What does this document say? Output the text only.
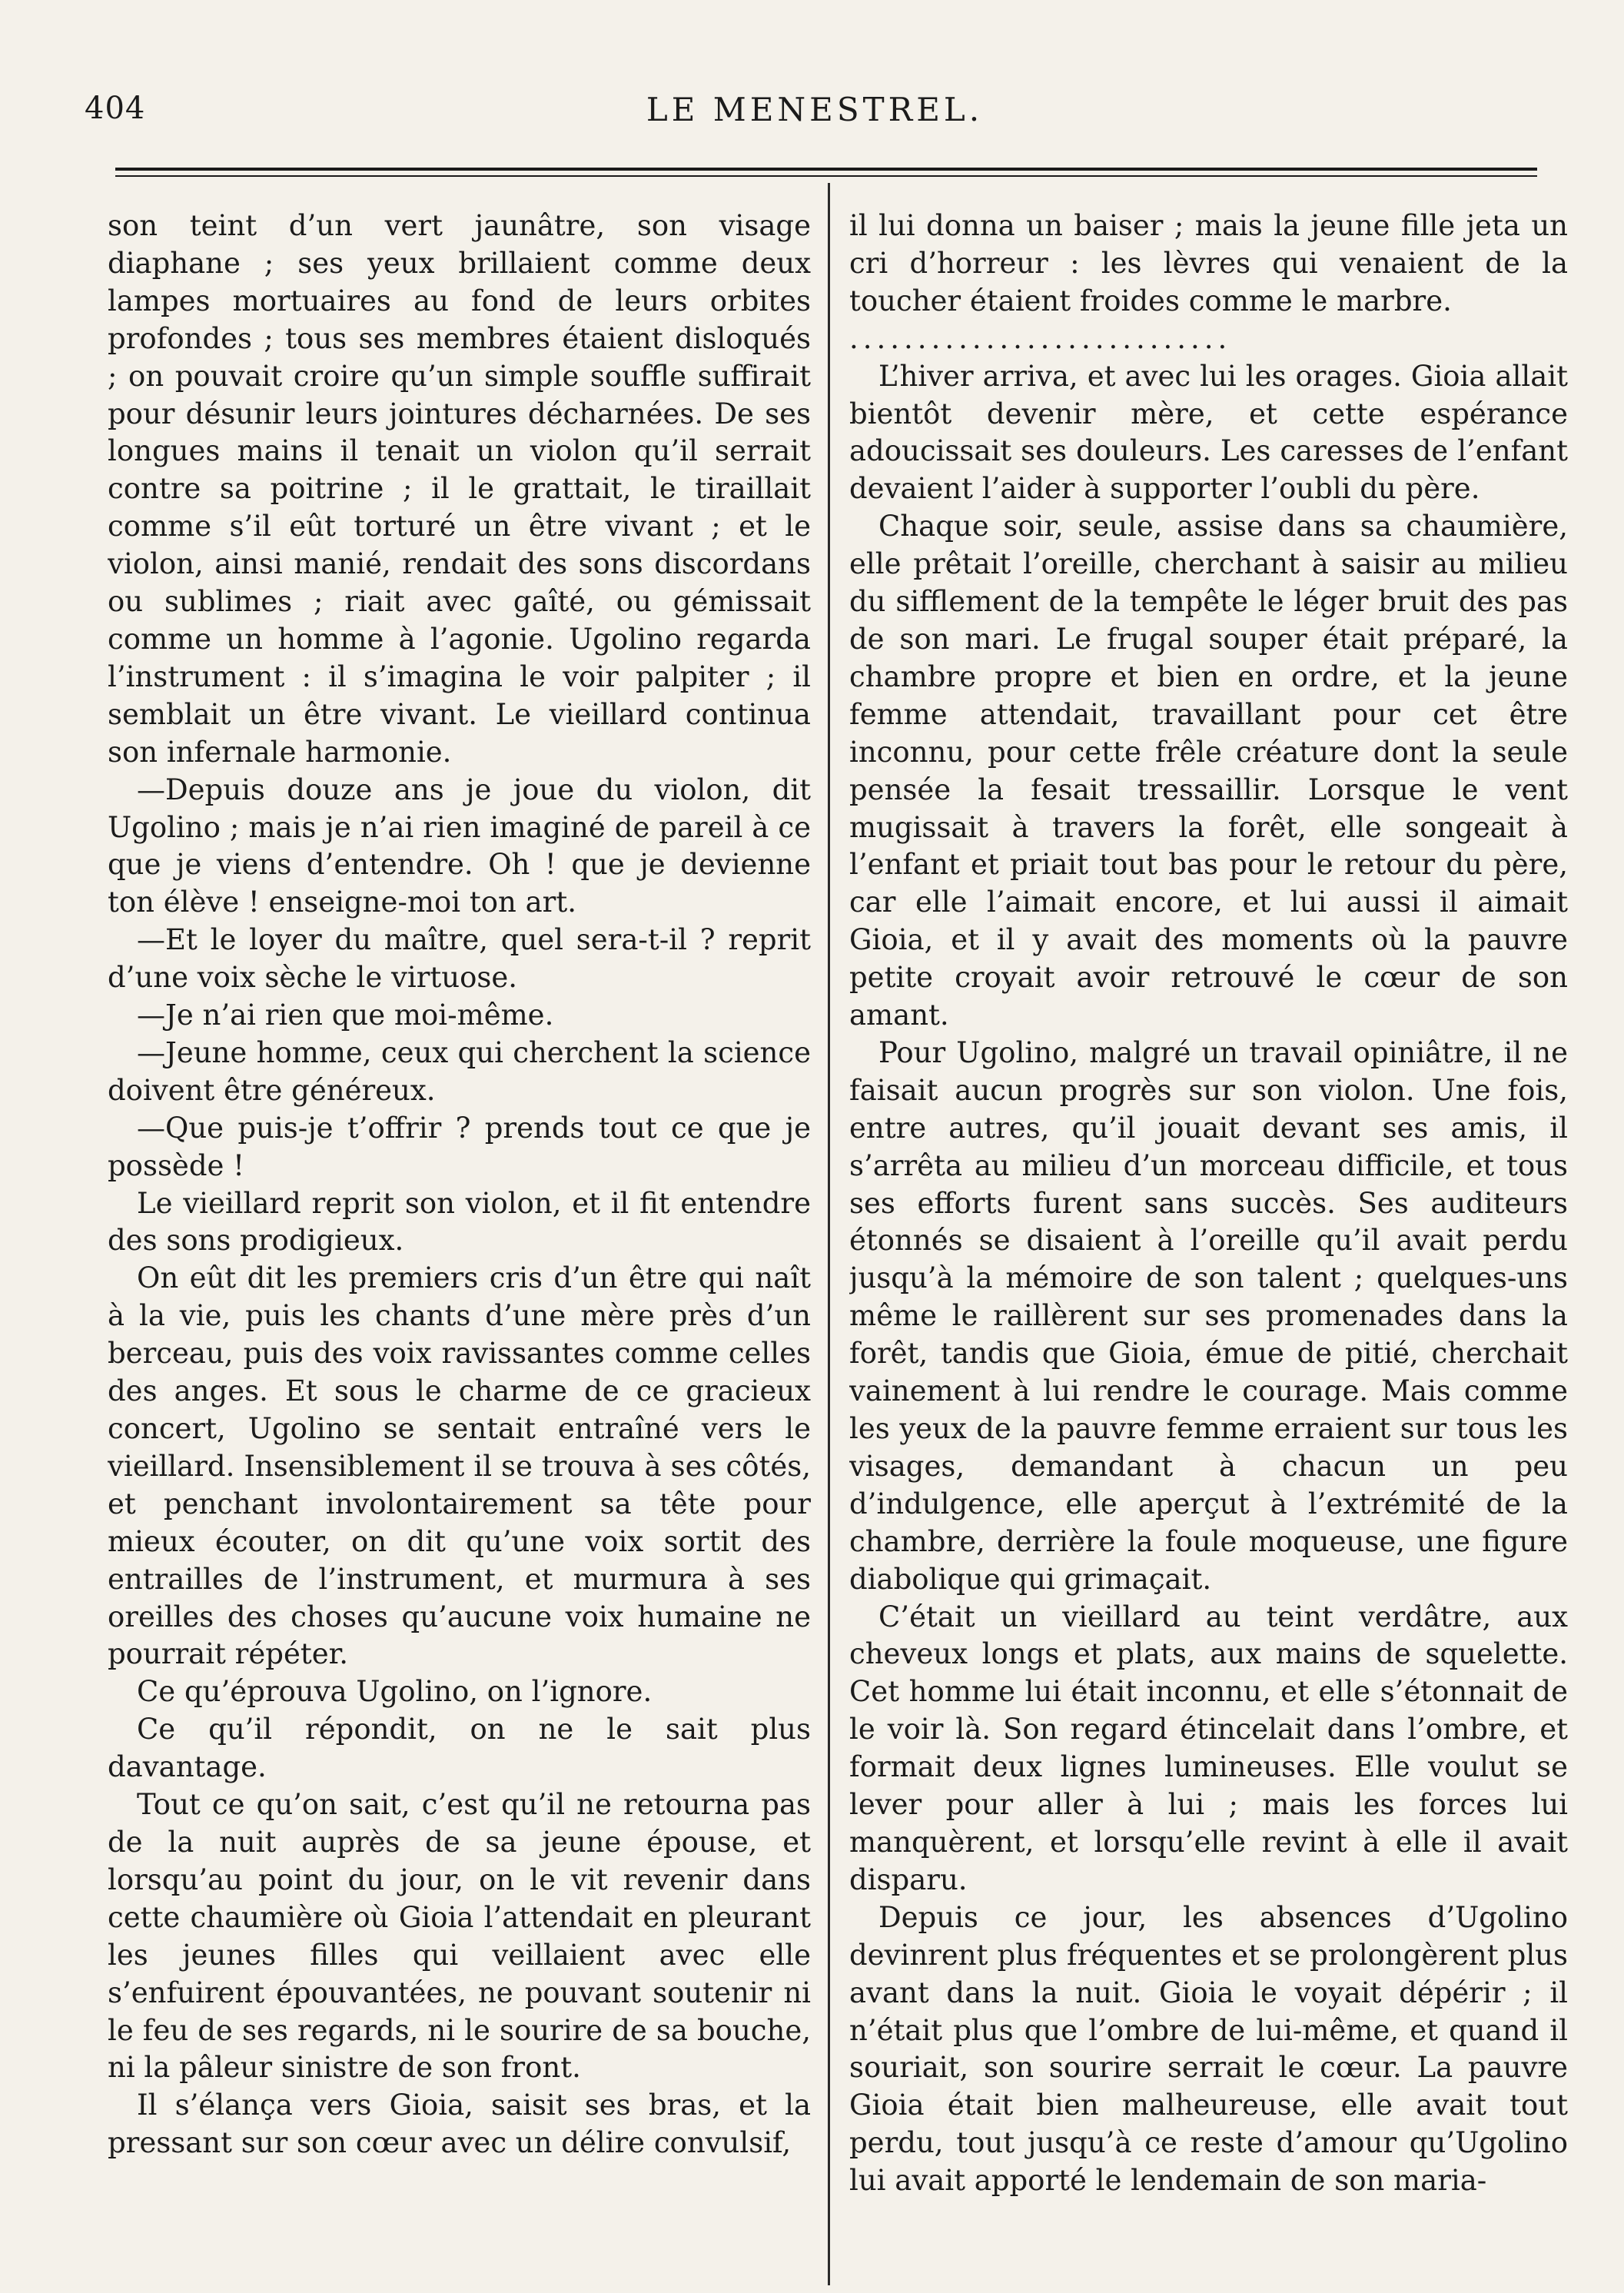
404	LE MENESTREL.

son teint d’un vert jaunâtre, son visage diaphane ; ses yeux brillaient comme deux lampes mortuaires au fond de leurs orbites profondes ; tous ses membres étaient disloqués ; on pouvait croire qu’un simple souffle suffirait pour désunir leurs jointures décharnées. De ses longues mains il tenait un violon qu’il serrait contre sa poitrine ; il le grattait, le tiraillait comme s’il eût torturé un être vivant ; et le violon, ainsi manié, rendait des sons discordans ou sublimes ; riait avec gaîté, ou gémissait comme un homme à l’agonie. Ugolino regarda l’instrument : il s’imagina le voir palpiter ; il semblait un être vivant. Le vieillard continua son infernale harmonie.

—Depuis douze ans je joue du violon, dit Ugolino ; mais je n’ai rien imaginé de pareil à ce que je viens d’entendre. Oh ! que je devienne ton élève ! enseigne-moi ton art.

—Et le loyer du maître, quel sera-t-il ? reprit d’une voix sèche le virtuose.

—Je n’ai rien que moi-même.

—Jeune homme, ceux qui cherchent la science doivent être généreux.

—Que puis-je t’offrir ? prends tout ce que je possède !

Le vieillard reprit son violon, et il fit entendre des sons prodigieux.

On eût dit les premiers cris d’un être qui naît à la vie, puis les chants d’une mère près d’un berceau, puis des voix ravissantes comme celles des anges. Et sous le charme de ce gracieux concert, Ugolino se sentait entraîné vers le vieillard. Insensiblement il se trouva à ses côtés, et penchant involontairement sa tête pour mieux écouter, on dit qu’une voix sortit des entrailles de l’instrument, et murmura à ses oreilles des choses qu’aucune voix humaine ne pourrait répéter.

Ce qu’éprouva Ugolino, on l’ignore.

Ce qu’il répondit, on ne le sait plus davantage.

Tout ce qu’on sait, c’est qu’il ne retourna pas de la nuit auprès de sa jeune épouse, et lorsqu’au point du jour, on le vit revenir dans cette chaumière où Gioia l’attendait en pleurant les jeunes filles qui veillaient avec elle s’enfuirent épouvantées, ne pouvant soutenir ni le feu de ses regards, ni le sourire de sa bouche, ni la pâleur sinistre de son front.

Il s’élança vers Gioia, saisit ses bras, et la pressant sur son cœur avec un délire convulsif,

il lui donna un baiser ; mais la jeune fille jeta un cri d’horreur : les lèvres qui venaient de la toucher étaient froides comme le marbre.

............................

L’hiver arriva, et avec lui les orages. Gioia allait bientôt devenir mère, et cette espérance adoucissait ses douleurs. Les caresses de l’enfant devaient l’aider à supporter l’oubli du père.

Chaque soir, seule, assise dans sa chaumière, elle prêtait l’oreille, cherchant à saisir au milieu du sifflement de la tempête le léger bruit des pas de son mari. Le frugal souper était préparé, la chambre propre et bien en ordre, et la jeune femme attendait, travaillant pour cet être inconnu, pour cette frêle créature dont la seule pensée la fesait tressaillir. Lorsque le vent mugissait à travers la forêt, elle songeait à l’enfant et priait tout bas pour le retour du père, car elle l’aimait encore, et lui aussi il aimait Gioia, et il y avait des moments où la pauvre petite croyait avoir retrouvé le cœur de son amant.

Pour Ugolino, malgré un travail opiniâtre, il ne faisait aucun progrès sur son violon. Une fois, entre autres, qu’il jouait devant ses amis, il s’arrêta au milieu d’un morceau difficile, et tous ses efforts furent sans succès. Ses auditeurs étonnés se disaient à l’oreille qu’il avait perdu jusqu’à la mémoire de son talent ; quelques-uns même le raillèrent sur ses promenades dans la forêt, tandis que Gioia, émue de pitié, cherchait vainement à lui rendre le courage. Mais comme les yeux de la pauvre femme erraient sur tous les visages, demandant à chacun un peu d’indulgence, elle aperçut à l’extrémité de la chambre, derrière la foule moqueuse, une figure diabolique qui grimaçait.

C’était un vieillard au teint verdâtre, aux cheveux longs et plats, aux mains de squelette. Cet homme lui était inconnu, et elle s’étonnait de le voir là. Son regard étincelait dans l’ombre, et formait deux lignes lumineuses. Elle voulut se lever pour aller à lui ; mais les forces lui manquèrent, et lorsqu’elle revint à elle il avait disparu.

Depuis ce jour, les absences d’Ugolino devinrent plus fréquentes et se prolongèrent plus avant dans la nuit. Gioia le voyait dépérir ; il n’était plus que l’ombre de lui-même, et quand il souriait, son sourire serrait le cœur. La pauvre Gioia était bien malheureuse, elle avait tout perdu, tout jusqu’à ce reste d’amour qu’Ugolino lui avait apporté le lendemain de son maria-
